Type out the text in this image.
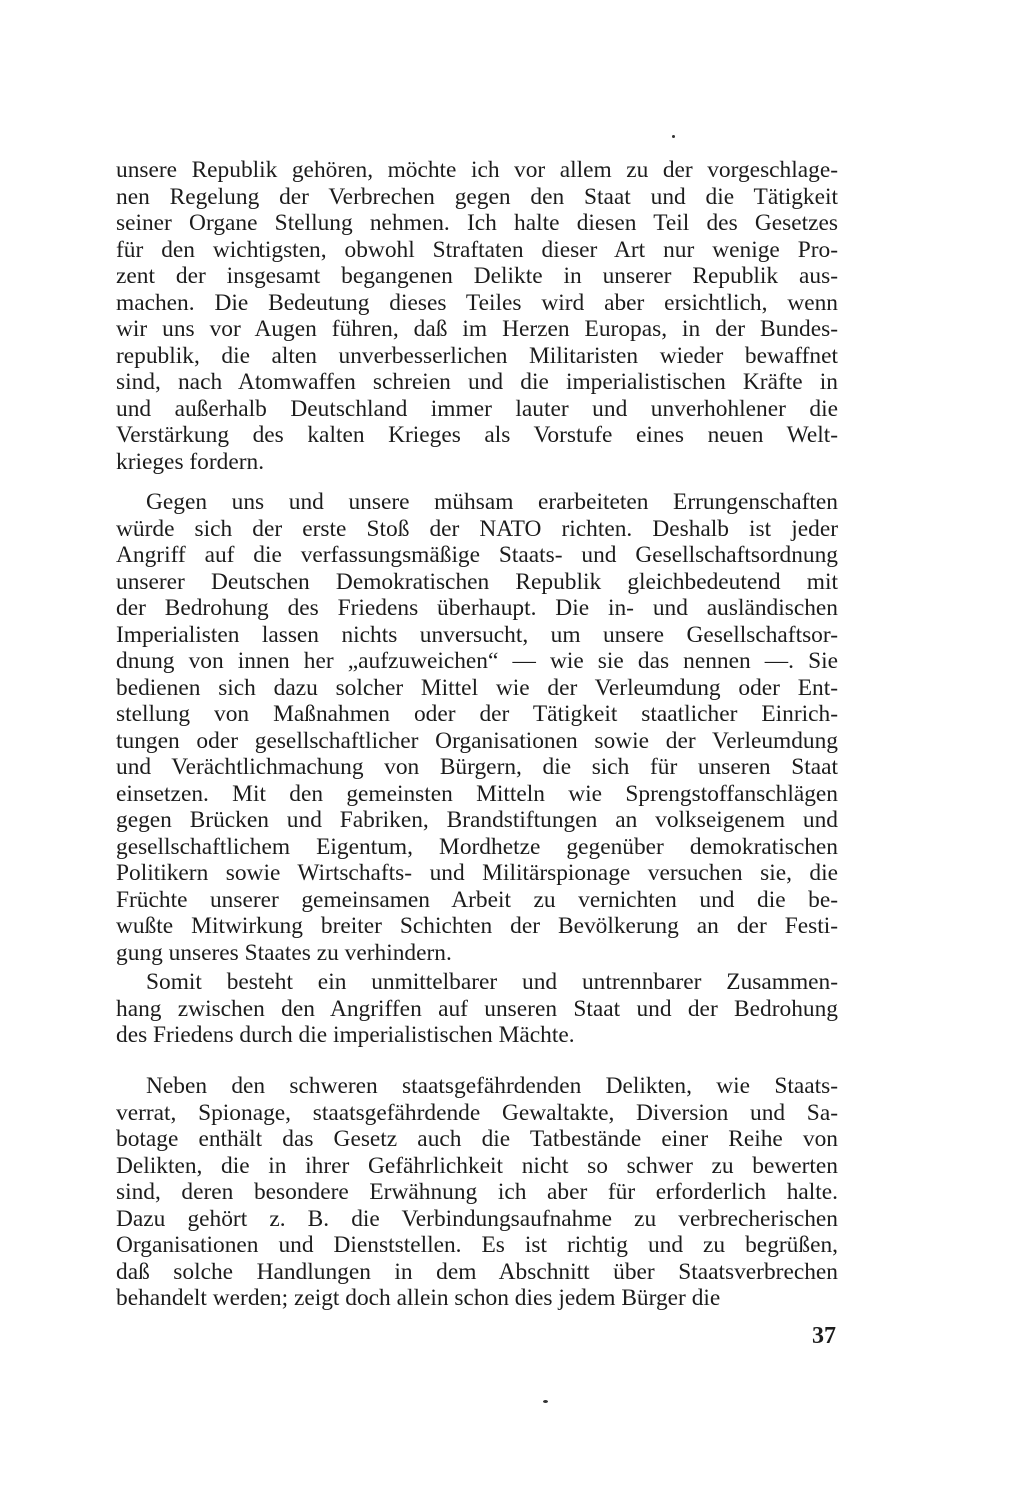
unsere Republik gehören, möchte ich vor allem zu der vorgeschlage-
nen Regelung der Verbrechen gegen den Staat und die Tätigkeit
seiner Organe Stellung nehmen. Ich halte diesen Teil des Gesetzes
für den wichtigsten, obwohl Straftaten dieser Art nur wenige Pro-
zent der insgesamt begangenen Delikte in unserer Republik aus-
machen. Die Bedeutung dieses Teiles wird aber ersichtlich, wenn
wir uns vor Augen führen, daß im Herzen Europas, in der Bundes-
republik, die alten unverbesserlichen Militaristen wieder bewaffnet
sind, nach Atomwaffen schreien und die imperialistischen Kräfte in
und außerhalb Deutschland immer lauter und unverhohlener die
Verstärkung des kalten Krieges als Vorstufe eines neuen Welt-
krieges fordern.
Gegen uns und unsere mühsam erarbeiteten Errungenschaften
würde sich der erste Stoß der NATO richten. Deshalb ist jeder
Angriff auf die verfassungsmäßige Staats- und Gesellschaftsordnung
unserer Deutschen Demokratischen Republik gleichbedeutend mit
der Bedrohung des Friedens überhaupt. Die in- und ausländischen
Imperialisten lassen nichts unversucht, um unsere Gesellschaftsor-
dnung von innen her „aufzuweichen“ — wie sie das nennen —. Sie
bedienen sich dazu solcher Mittel wie der Verleumdung oder Ent-
stellung von Maßnahmen oder der Tätigkeit staatlicher Einrich-
tungen oder gesellschaftlicher Organisationen sowie der Verleumdung
und Verächtlichmachung von Bürgern, die sich für unseren Staat
einsetzen. Mit den gemeinsten Mitteln wie Sprengstoffanschlägen
gegen Brücken und Fabriken, Brandstiftungen an volkseigenem und
gesellschaftlichem Eigentum, Mordhetze gegenüber demokratischen
Politikern sowie Wirtschafts- und Militärspionage versuchen sie, die
Früchte unserer gemeinsamen Arbeit zu vernichten und die be-
wußte Mitwirkung breiter Schichten der Bevölkerung an der Festi-
gung unseres Staates zu verhindern.
Somit besteht ein unmittelbarer und untrennbarer Zusammen-
hang zwischen den Angriffen auf unseren Staat und der Bedrohung
des Friedens durch die imperialistischen Mächte.
Neben den schweren staatsgefährdenden Delikten, wie Staats-
verrat, Spionage, staatsgefährdende Gewaltakte, Diversion und Sa-
botage enthält das Gesetz auch die Tatbestände einer Reihe von
Delikten, die in ihrer Gefährlichkeit nicht so schwer zu bewerten
sind, deren besondere Erwähnung ich aber für erforderlich halte.
Dazu gehört z. B. die Verbindungsaufnahme zu verbrecherischen
Organisationen und Dienststellen. Es ist richtig und zu begrüßen,
daß solche Handlungen in dem Abschnitt über Staatsverbrechen
behandelt werden; zeigt doch allein schon dies jedem Bürger die
37
